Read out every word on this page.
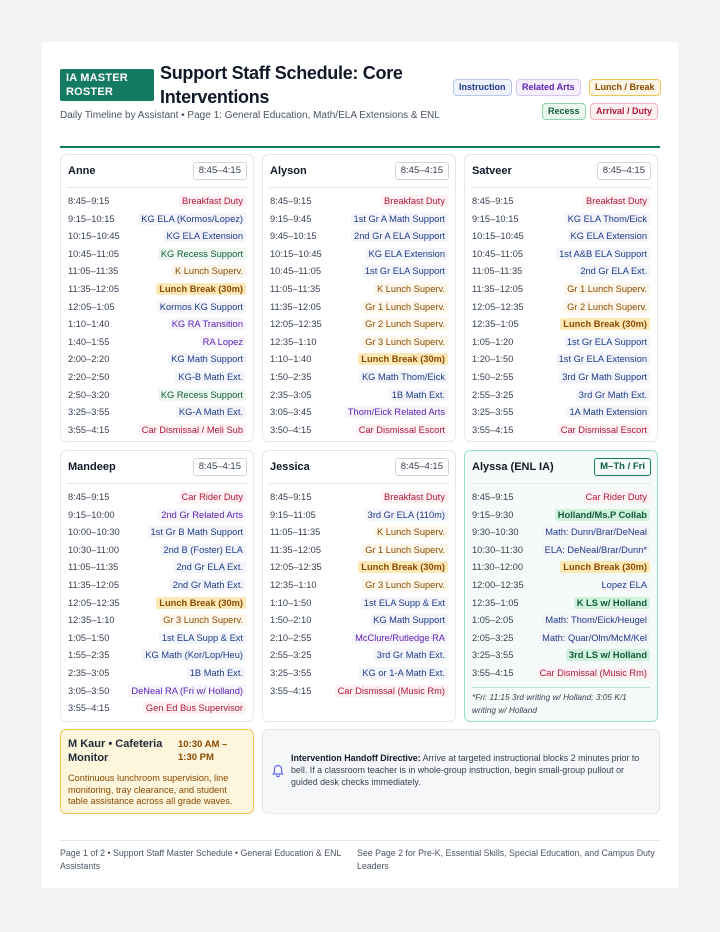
IA MASTER ROSTER
Support Staff Schedule: Core Interventions
Daily Timeline by Assistant • Page 1: General Education, Math/ELA Extensions & ENL
Instruction	Related Arts	Lunch / Break
Recess	Arrival / Duty
Anne	8:45–4:15
8:45–9:15	Breakfast Duty
9:15–10:15	KG ELA (Kormos/Lopez)
10:15–10:45	KG ELA Extension
10:45–11:05	KG Recess Support
11:05–11:35	K Lunch Superv.
11:35–12:05	Lunch Break (30m)
12:05–1:05	Kormos KG Support
1:10–1:40	KG RA Transition
1:40–1:55	RA Lopez
2:00–2:20	KG Math Support
2:20–2:50	KG-B Math Ext.
2:50–3:20	KG Recess Support
3:25–3:55	KG-A Math Ext.
3:55–4:15	Car Dismissal / Meli Sub
Alyson	8:45–4:15
8:45–9:15	Breakfast Duty
9:15–9:45	1st Gr A Math Support
9:45–10:15	2nd Gr A ELA Support
10:15–10:45	KG ELA Extension
10:45–11:05	1st Gr ELA Support
11:05–11:35	K Lunch Superv.
11:35–12:05	Gr 1 Lunch Superv.
12:05–12:35	Gr 2 Lunch Superv.
12:35–1:10	Gr 3 Lunch Superv.
1:10–1:40	Lunch Break (30m)
1:50–2:35	KG Math Thom/Eick
2:35–3:05	1B Math Ext.
3:05–3:45	Thom/Eick Related Arts
3:50–4:15	Car Dismissal Escort
Satveer	8:45–4:15
8:45–9:15	Breakfast Duty
9:15–10:15	KG ELA Thom/Eick
10:15–10:45	KG ELA Extension
10:45–11:05	1st A&B ELA Support
11:05–11:35	2nd Gr ELA Ext.
11:35–12:05	Gr 1 Lunch Superv.
12:05–12:35	Gr 2 Lunch Superv.
12:35–1:05	Lunch Break (30m)
1:05–1:20	1st Gr ELA Support
1:20–1:50	1st Gr ELA Extension
1:50–2:55	3rd Gr Math Support
2:55–3:25	3rd Gr Math Ext.
3:25–3:55	1A Math Extension
3:55–4:15	Car Dismissal Escort
Mandeep	8:45–4:15
8:45–9:15	Car Rider Duty
9:15–10:00	2nd Gr Related Arts
10:00–10:30	1st Gr B Math Support
10:30–11:00	2nd B (Foster) ELA
11:05–11:35	2nd Gr ELA Ext.
11:35–12:05	2nd Gr Math Ext.
12:05–12:35	Lunch Break (30m)
12:35–1:10	Gr 3 Lunch Superv.
1:05–1:50	1st ELA Supp & Ext
1:55–2:35	KG Math (Kor/Lop/Heu)
2:35–3:05	1B Math Ext.
3:05–3:50	DeNeal RA (Fri w/ Holland)
3:55–4:15	Gen Ed Bus Supervisor
Jessica	8:45–4:15
8:45–9:15	Breakfast Duty
9:15–11:05	3rd Gr ELA (110m)
11:05–11:35	K Lunch Superv.
11:35–12:05	Gr 1 Lunch Superv.
12:05–12:35	Lunch Break (30m)
12:35–1:10	Gr 3 Lunch Superv.
1:10–1:50	1st ELA Supp & Ext
1:50–2:10	KG Math Support
2:10–2:55	McClure/Rutledge RA
2:55–3:25	3rd Gr Math Ext.
3:25–3:55	KG or 1-A Math Ext.
3:55–4:15	Car Dismissal (Music Rm)
Alyssa (ENL IA)	M–Th / Fri
8:45–9:15	Car Rider Duty
9:15–9:30	Holland/Ms.P Collab
9:30–10:30	Math: Dunn/Brar/DeNeal
10:30–11:30	ELA: DeNeal/Brar/Dunn*
11:30–12:00	Lunch Break (30m)
12:00–12:35	Lopez ELA
12:35–1:05	K LS w/ Holland
1:05–2:05	Math: Thom/Eick/Heugel
2:05–3:25	Math: Quar/Olm/McM/Kel
3:25–3:55	3rd LS w/ Holland
3:55–4:15	Car Dismissal (Music Rm)
*Fri: 11:15 3rd writing w/ Holland; 3:05 K/1 writing w/ Holland
M Kaur • Cafeteria Monitor
10:30 AM – 1:30 PM
Continuous lunchroom supervision, line monitoring, tray clearance, and student table assistance across all grade waves.
Intervention Handoff Directive: Arrive at targeted instructional blocks 2 minutes prior to bell. If a classroom teacher is in whole-group instruction, begin small-group pullout or guided desk checks immediately.
Page 1 of 2 • Support Staff Master Schedule • General Education & ENL Assistants
See Page 2 for Pre-K, Essential Skills, Special Education, and Campus Duty Leaders
